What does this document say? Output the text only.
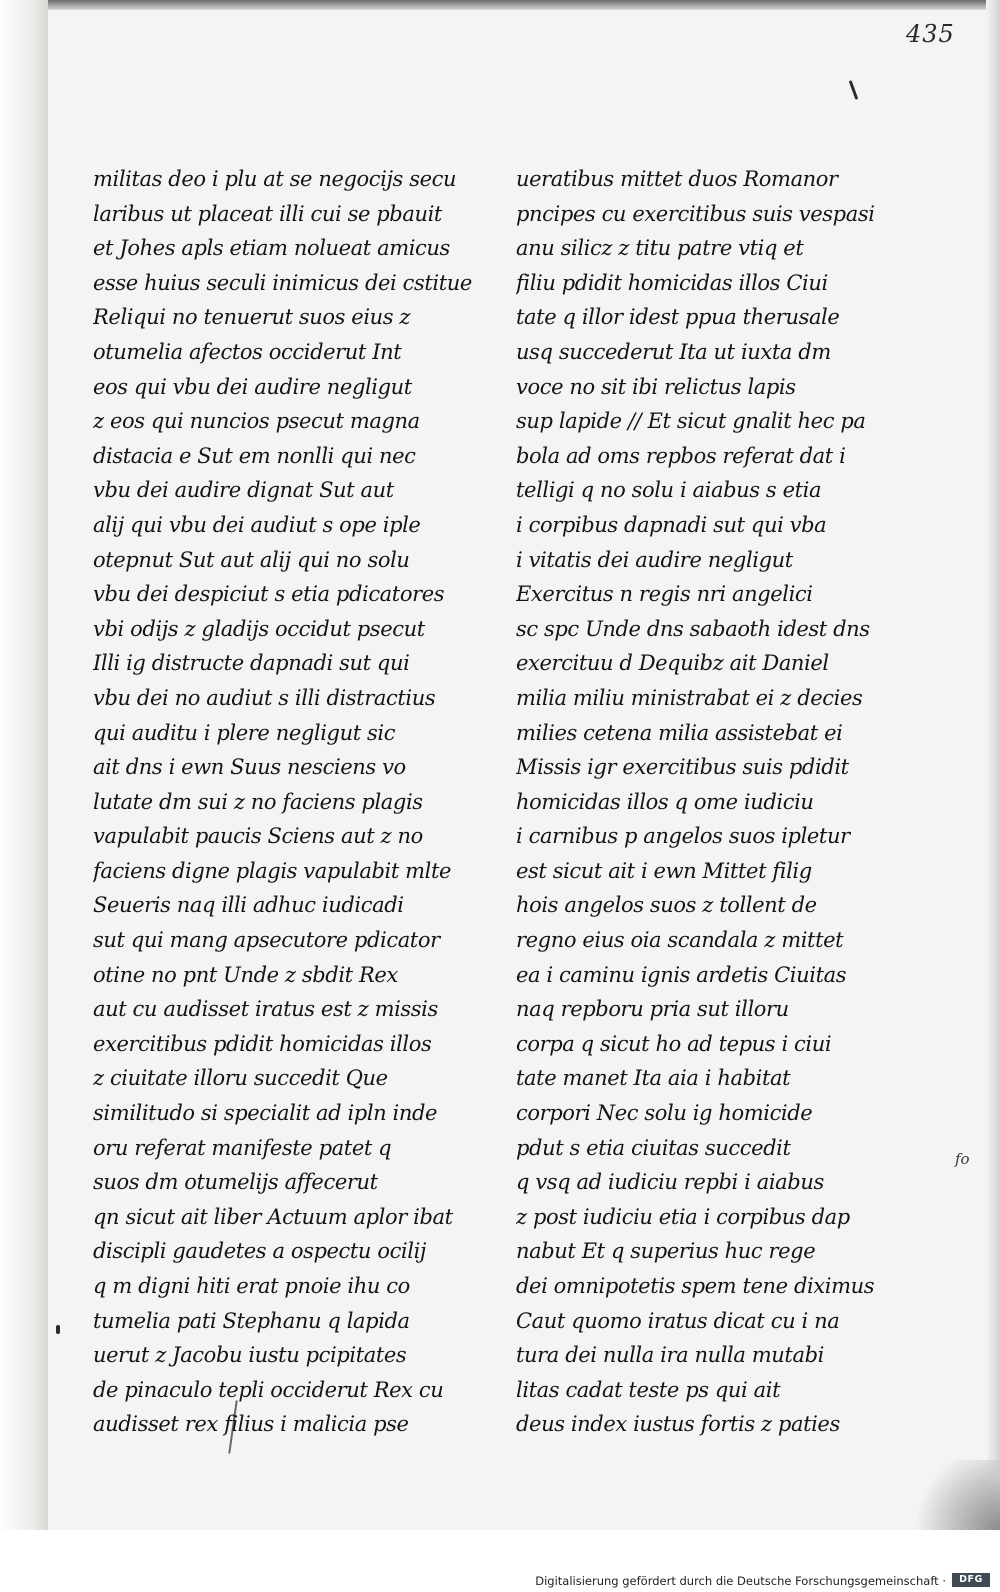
435
militas deo i plu at se negocijs secu
laribus ut placeat illi cui se pbauit
et Johes apls etiam nolueat amicus
esse huius seculi inimicus dei cstitue
Reliqui no tenuerut suos eius z
otumelia afectos occiderut Int
eos qui vbu dei audire negligut
z eos qui nuncios psecut magna
distacia e Sut em nonlli qui nec
vbu dei audire dignat Sut aut
alij qui vbu dei audiut s ope iple
otepnut Sut aut alij qui no solu
vbu dei despiciut s etia pdicatores
vbi odijs z gladijs occidut psecut
Illi ig distructe dapnadi sut qui
vbu dei no audiut s illi distractius
qui auditu i plere negligut sic
ait dns i ewn Suus nesciens vo
lutate dm sui z no faciens plagis
vapulabit paucis Sciens aut z no
faciens digne plagis vapulabit mlte
Seueris naq illi adhuc iudicadi
sut qui mang apsecutore pdicator
otine no pnt Unde z sbdit Rex
aut cu audisset iratus est z missis
exercitibus pdidit homicidas illos
z ciuitate illoru succedit Que
similitudo si specialit ad ipln inde
oru referat manifeste patet q
suos dm otumelijs affecerut
qn sicut ait liber Actuum aplor ibat
discipli gaudetes a ospectu ocilij
q m digni hiti erat pnoie ihu co
tumelia pati Stephanu q lapida
uerut z Jacobu iustu pcipitates
de pinaculo tepli occiderut Rex cu
audisset rex filius i malicia pse
ueratibus mittet duos Romanor
pncipes cu exercitibus suis vespasi
anu silicz z titu patre vtiq et
filiu pdidit homicidas illos Ciui
tate q illor idest ppua therusale
usq succederut Ita ut iuxta dm
voce no sit ibi relictus lapis
sup lapide // Et sicut gnalit hec pa
bola ad oms repbos referat dat i
telligi q no solu i aiabus s etia
i corpibus dapnadi sut qui vba
i vitatis dei audire negligut
Exercitus n regis nri angelici
sc spc Unde dns sabaoth idest dns
exercituu d Dequibz ait Daniel
milia miliu ministrabat ei z decies
milies cetena milia assistebat ei
Missis igr exercitibus suis pdidit
homicidas illos q ome iudiciu
i carnibus p angelos suos ipletur
est sicut ait i ewn Mittet filig
hois angelos suos z tollent de
regno eius oia scandala z mittet
ea i caminu ignis ardetis Ciuitas
naq repboru pria sut illoru
corpa q sicut ho ad tepus i ciui
tate manet Ita aia i habitat
corpori Nec solu ig homicide
pdut s etia ciuitas succedit
q vsq ad iudiciu repbi i aiabus
z post iudiciu etia i corpibus dap
nabut Et q superius huc rege
dei omnipotetis spem tene diximus
Caut quomo iratus dicat cu i na
tura dei nulla ira nulla mutabi
litas cadat teste ps qui ait
deus index iustus fortis z paties
fo
Digitalisierung gefördert durch die Deutsche Forschungsgemeinschaft ·	DFG
